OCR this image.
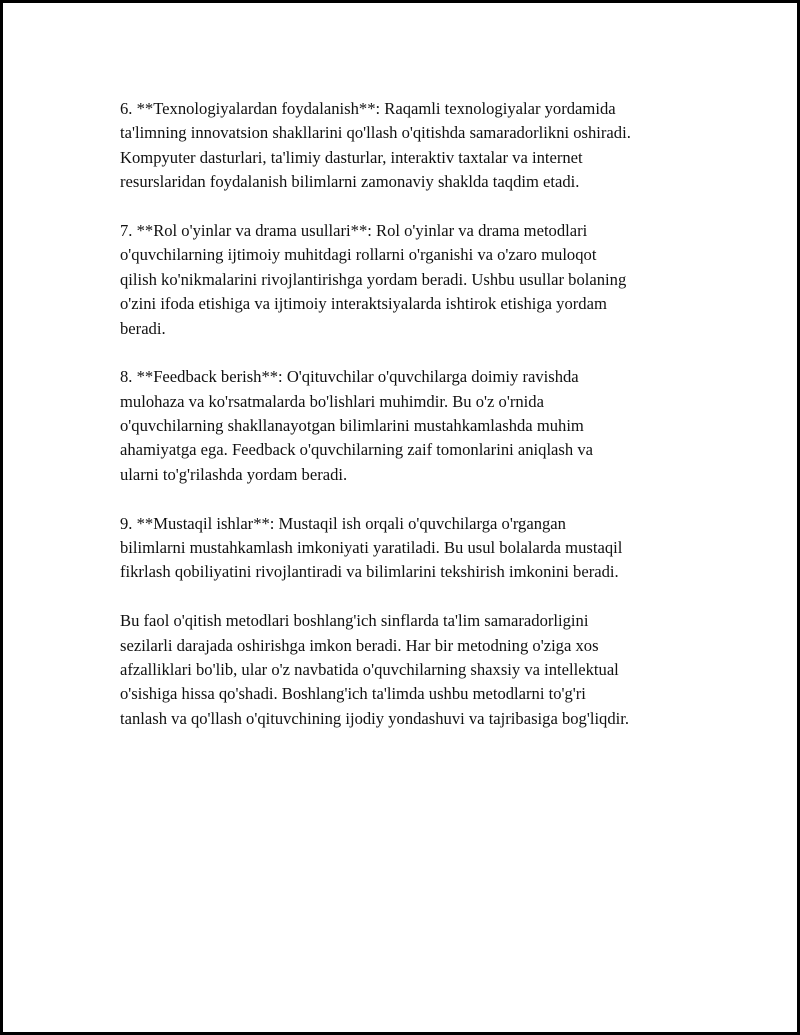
6. **Texnologiyalardan foydalanish**: Raqamli texnologiyalar yordamida
ta'limning innovatsion shakllarini qo'llash o'qitishda samaradorlikni oshiradi.
Kompyuter dasturlari, ta'limiy dasturlar, interaktiv taxtalar va internet
resurslaridan foydalanish bilimlarni zamonaviy shaklda taqdim etadi.

7. **Rol o'yinlar va drama usullari**: Rol o'yinlar va drama metodlari
o'quvchilarning ijtimoiy muhitdagi rollarni o'rganishi va o'zaro muloqot
qilish ko'nikmalarini rivojlantirishga yordam beradi. Ushbu usullar bolaning
o'zini ifoda etishiga va ijtimoiy interaktsiyalarda ishtirok etishiga yordam
beradi.

8. **Feedback berish**: O'qituvchilar o'quvchilarga doimiy ravishda
mulohaza va ko'rsatmalarda bo'lishlari muhimdir. Bu o'z o'rnida
o'quvchilarning shakllanayotgan bilimlarini mustahkamlashda muhim
ahamiyatga ega. Feedback o'quvchilarning zaif tomonlarini aniqlash va
ularni to'g'rilashda yordam beradi.

9. **Mustaqil ishlar**: Mustaqil ish orqali o'quvchilarga o'rgangan
bilimlarni mustahkamlash imkoniyati yaratiladi. Bu usul bolalarda mustaqil
fikrlash qobiliyatini rivojlantiradi va bilimlarini tekshirish imkonini beradi.

Bu faol o'qitish metodlari boshlang'ich sinflarda ta'lim samaradorligini
sezilarli darajada oshirishga imkon beradi. Har bir metodning o'ziga xos
afzalliklari bo'lib, ular o'z navbatida o'quvchilarning shaxsiy va intellektual
o'sishiga hissa qo'shadi. Boshlang'ich ta'limda ushbu metodlarni to'g'ri
tanlash va qo'llash o'qituvchining ijodiy yondashuvi va tajribasiga bog'liqdir.
